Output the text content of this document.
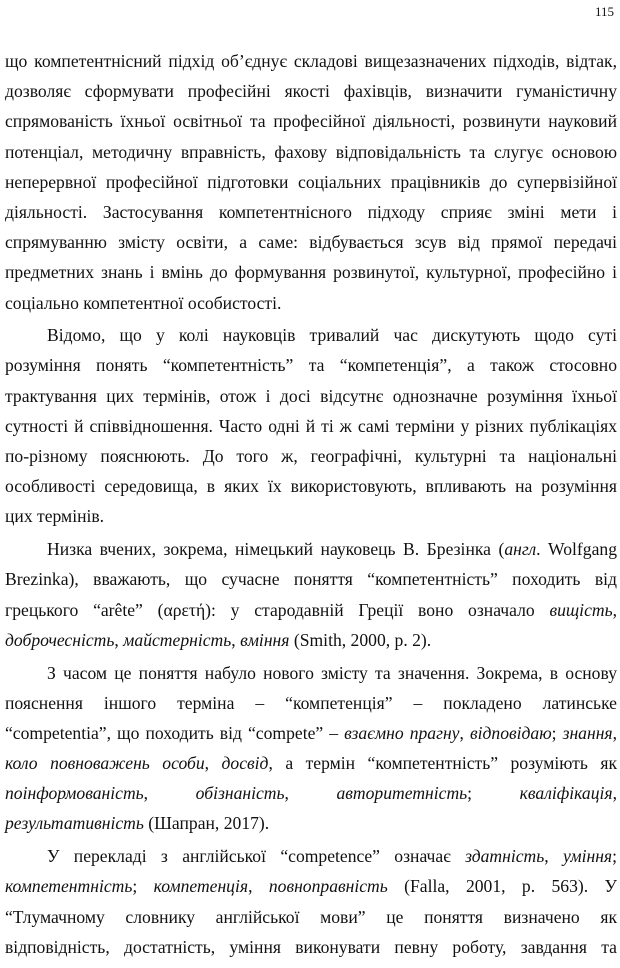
115
що компетентнісний підхід об’єднує складові вищезазначених підходів, відтак,
дозволяє сформувати професійні якості фахівців, визначити гуманістичну
спрямованість їхньої освітньої та професійної діяльності, розвинути науковий
потенціал, методичну вправність, фахову відповідальність та слугує основою
неперервної професійної підготовки соціальних працівників до супервізійної
діяльності. Застосування компетентнісного підходу сприяє зміні мети і
спрямуванню змісту освіти, а саме: відбувається зсув від прямої передачі
предметних знань і вмінь до формування розвинутої, культурної, професійно і
соціально компетентної особистості.
Відомо, що у колі науковців тривалий час дискутують щодо суті
розуміння понять “компетентність” та “компетенція”, а також стосовно
трактування цих термінів, отож і досі відсутнє однозначне розуміння їхньої
сутності й співвідношення. Часто одні й ті ж самі терміни у різних публікаціях
по-різному пояснюють. До того ж, географічні, культурні та національні
особливості середовища, в яких їх використовують, впливають на розуміння
цих термінів.
Низка вчених, зокрема, німецький науковець В. Брезінка (англ. Wolfgang
Brezinka), вважають, що сучасне поняття “компетентність” походить від
грецького “arête” (αρετή): у стародавній Греції воно означало вищість,
доброчесність, майстерність, вміння (Smith, 2000, p. 2).
З часом це поняття набуло нового змісту та значення. Зокрема, в основу
пояснення іншого терміна – “компетенція” – покладено латинське
“competentia”, що походить від “compete” – взаємно прагну, відповідаю; знання,
коло повноважень особи, досвід, а термін “компетентність” розуміють як
поінформованість, обізнаність, авторитетність; кваліфікація,
результативність (Шапран, 2017).
У перекладі з англійської “competence” означає здатність, уміння;
компетентність; компетенція, повноправність (Falla, 2001, p. 563). У
“Тлумачному словнику англійської мови” це поняття визначено як
відповідність, достатність, уміння виконувати певну роботу, завдання та
